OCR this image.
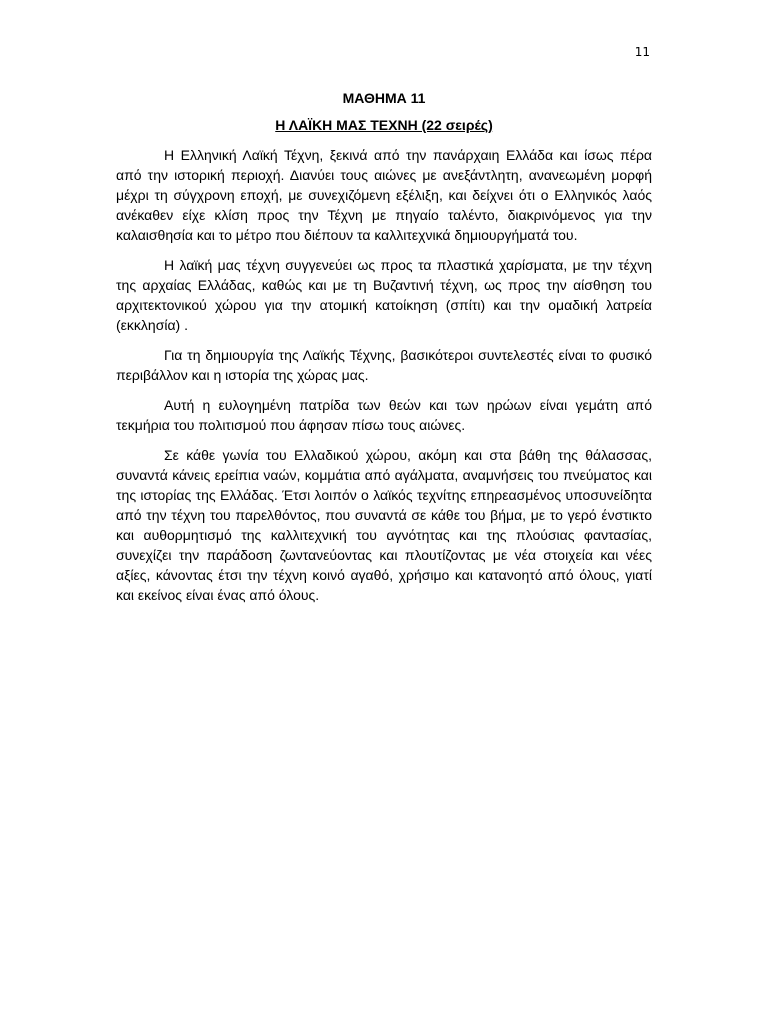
11
ΜΑΘΗΜΑ 11
Η ΛΑΪΚΗ ΜΑΣ ΤΕΧΝΗ (22 σειρές)

Η Ελληνική Λαϊκή Τέχνη, ξεκινά από την πανάρχαιη Ελλάδα και ίσως πέρα από την ιστορική περιοχή. Διανύει τους αιώνες με ανεξάντλητη, ανανεωμένη μορφή μέχρι τη σύγχρονη εποχή, με συνεχιζόμενη εξέλιξη, και δείχνει ότι ο Ελληνικός λαός ανέκαθεν είχε κλίση προς την Τέχνη με πηγαίο ταλέντο, διακρινόμενος για την καλαισθησία και το μέτρο που διέπουν τα καλλιτεχνικά δημιουργήματά του.

Η λαϊκή μας τέχνη συγγενεύει ως προς τα πλαστικά χαρίσματα, με την τέχνη της αρχαίας Ελλάδας, καθώς και με τη Βυζαντινή τέχνη, ως προς την αίσθηση του αρχιτεκτονικού χώρου για την ατομική κατοίκηση (σπίτι) και την ομαδική λατρεία (εκκλησία) .

Για τη δημιουργία της Λαϊκής Τέχνης, βασικότεροι συντελεστές είναι το φυσικό περιβάλλον και η ιστορία της χώρας μας.

Αυτή η ευλογημένη πατρίδα των θεών και των ηρώων είναι γεμάτη από τεκμήρια του πολιτισμού που άφησαν πίσω τους αιώνες.

Σε κάθε γωνία του Ελλαδικού χώρου, ακόμη και στα βάθη της θάλασσας, συναντά κάνεις ερείπια ναών, κομμάτια από αγάλματα, αναμνήσεις του πνεύματος και της ιστορίας της Ελλάδας. Έτσι λοιπόν ο λαϊκός τεχνίτης επηρεασμένος υποσυνείδητα από την τέχνη του παρελθόντος, που συναντά σε κάθε του βήμα, με το γερό ένστικτο και αυθορμητισμό της καλλιτεχνική του αγνότητας και της πλούσιας φαντασίας, συνεχίζει την παράδοση ζωντανεύοντας και πλουτίζοντας με νέα στοιχεία και νέες αξίες, κάνοντας έτσι την τέχνη κοινό αγαθό, χρήσιμο και κατανοητό από όλους, γιατί και εκείνος είναι ένας από όλους.
